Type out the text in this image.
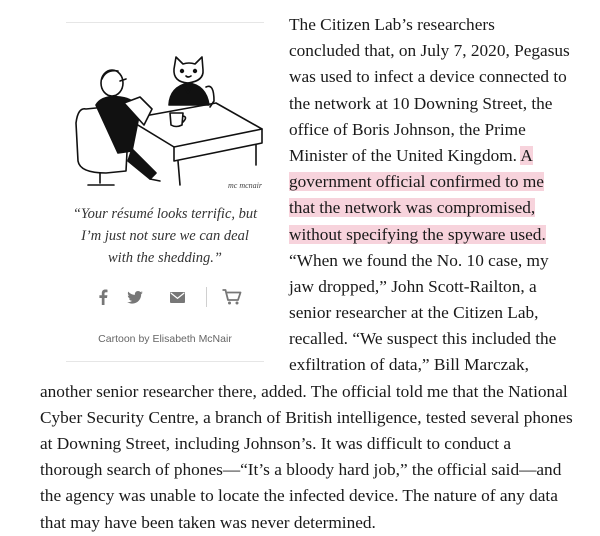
mc mcnair
“Your résumé looks terrific, but
I’m just not sure we can deal
with the shedding.”
Cartoon by Elisabeth McNair
The Citizen Lab’s researchers
concluded that, on July 7, 2020, Pegasus
was used to infect a device connected to
the network at 10 Downing Street, the
office of Boris Johnson, the Prime
Minister of the United Kingdom. A
government official confirmed to me
that the network was compromised,
without specifying the spyware used.
“When we found the No. 10 case, my
jaw dropped,” John Scott-Railton, a
senior researcher at the Citizen Lab,
recalled. “We suspect this included the
exfiltration of data,” Bill Marczak,
another senior researcher there, added. The official told me that the National
Cyber Security Centre, a branch of British intelligence, tested several phones
at Downing Street, including Johnson’s. It was difficult to conduct a
thorough search of phones—“It’s a bloody hard job,” the official said—and
the agency was unable to locate the infected device. The nature of any data
that may have been taken was never determined.
